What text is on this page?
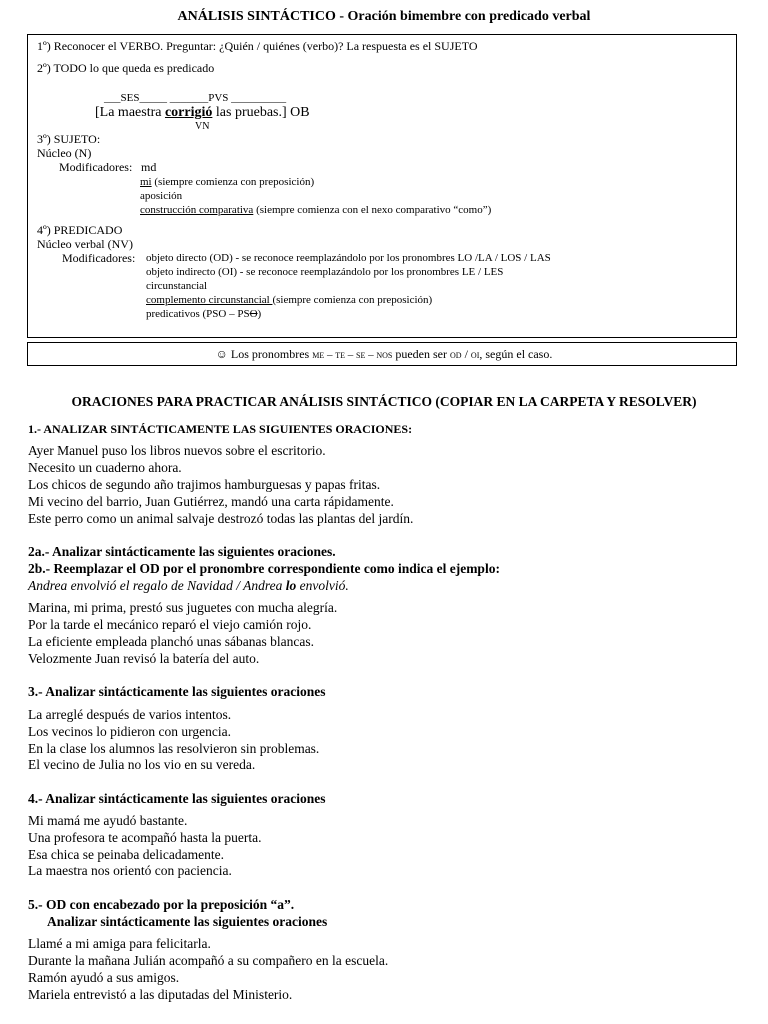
ANÁLISIS SINTÁCTICO - Oración bimembre con predicado verbal
1º) Reconocer el VERBO. Preguntar: ¿Quién / quiénes (verbo)? La respuesta es el SUJETO
2º) TODO lo que queda es predicado
___SES_____ _______PVS __________
[La maestra corrigió las pruebas.] OB
VN
3º) SUJETO:
Núcleo (N)
Modificadores: md
mi (siempre comienza con preposición)
aposición
construcción comparativa (siempre comienza con el nexo comparativo “como”)
4º) PREDICADO
Núcleo verbal (NV)
Modificadores: objeto directo (OD) - se reconoce reemplazándolo por los pronombres LO /LA / LOS / LAS
objeto indirecto (OI) - se reconoce reemplazándolo por los pronombres LE / LES
circunstancial
complemento circunstancial (siempre comienza con preposición)
predicativos (PSO – PSO)
☺ Los pronombres me – te – se – nos pueden ser od / oi, según el caso.
ORACIONES PARA PRACTICAR ANÁLISIS SINTÁCTICO (COPIAR EN LA CARPETA Y RESOLVER)
1.- ANALIZAR SINTÁCTICAMENTE LAS SIGUIENTES ORACIONES:
Ayer Manuel puso los libros nuevos sobre el escritorio.
Necesito un cuaderno ahora.
Los chicos de segundo año trajimos hamburguesas y papas fritas.
Mi vecino del barrio, Juan Gutiérrez, mandó una carta rápidamente.
Este perro como un animal salvaje destrozó todas las plantas del jardín.
2a.- Analizar sintácticamente las siguientes oraciones.
2b.- Reemplazar el OD por el pronombre correspondiente como indica el ejemplo:
Andrea envolvió el regalo de Navidad / Andrea lo envolvió.
Marina, mi prima, prestó sus juguetes con mucha alegría.
Por la tarde el mecánico reparó el viejo camión rojo.
La eficiente empleada planchó unas sábanas blancas.
Velozmente Juan revisó la batería del auto.
3.- Analizar sintácticamente las siguientes oraciones
La arreglé después de varios intentos.
Los vecinos lo pidieron con urgencia.
En la clase los alumnos las resolvieron sin problemas.
El vecino de Julia no los vio en su vereda.
4.- Analizar sintácticamente las siguientes oraciones
Mi mamá me ayudó bastante.
Una profesora te acompañó hasta la puerta.
Esa chica se peinaba delicadamente.
La maestra nos orientó con paciencia.
5.- OD con encabezado por la preposición “a”.
Analizar sintácticamente las siguientes oraciones
Llamé a mi amiga para felicitarla.
Durante la mañana Julián acompañó a su compañero en la escuela.
Ramón ayudó a sus amigos.
Mariela entrevistó a las diputadas del Ministerio.
